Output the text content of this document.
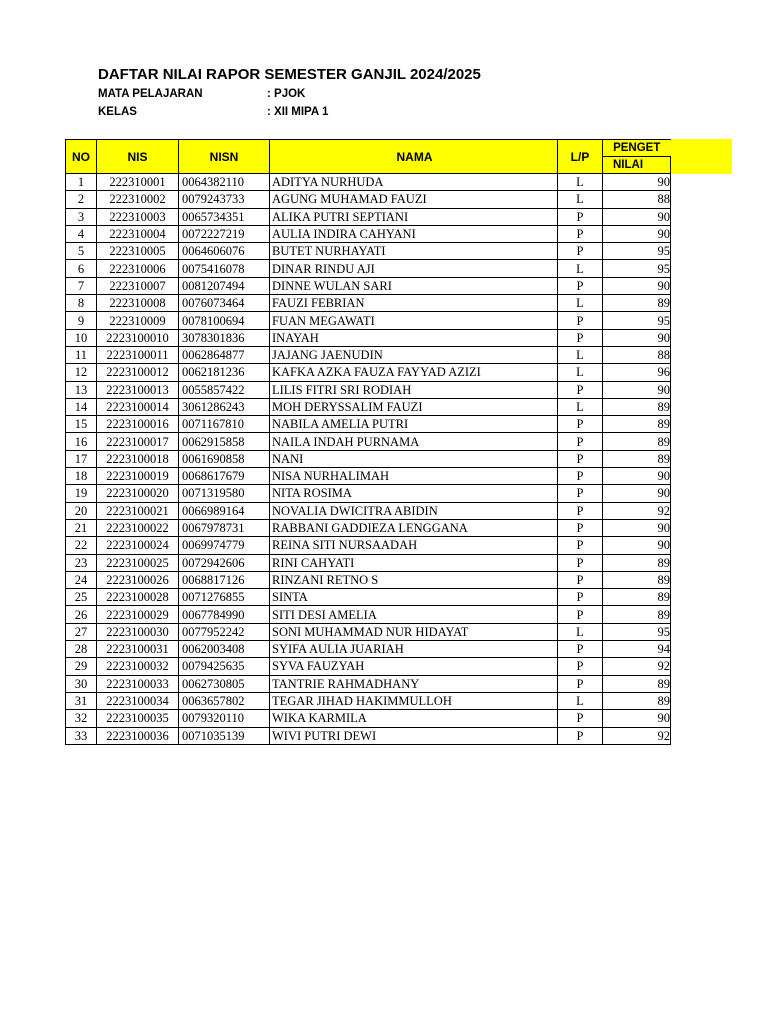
DAFTAR NILAI RAPOR SEMESTER GANJIL 2024/2025
MATA PELAJARAN	: PJOK
KELAS	: XII MIPA 1
NO	NIS	NISN	NAMA	L/P	PENGET
					NILAI
1	222310001	0064382110	ADITYA NURHUDA	L	90
2	222310002	0079243733	AGUNG MUHAMAD FAUZI	L	88
3	222310003	0065734351	ALIKA PUTRI SEPTIANI	P	90
4	222310004	0072227219	AULIA INDIRA CAHYANI	P	90
5	222310005	0064606076	BUTET NURHAYATI	P	95
6	222310006	0075416078	DINAR RINDU AJI	L	95
7	222310007	0081207494	DINNE WULAN SARI	P	90
8	222310008	0076073464	FAUZI FEBRIAN	L	89
9	222310009	0078100694	FUAN MEGAWATI	P	95
10	2223100010	3078301836	INAYAH	P	90
11	2223100011	0062864877	JAJANG JAENUDIN	L	88
12	2223100012	0062181236	KAFKA AZKA FAUZA FAYYAD AZIZI	L	96
13	2223100013	0055857422	LILIS FITRI SRI RODIAH	P	90
14	2223100014	3061286243	MOH DERYSSALIM FAUZI	L	89
15	2223100016	0071167810	NABILA AMELIA PUTRI	P	89
16	2223100017	0062915858	NAILA INDAH PURNAMA	P	89
17	2223100018	0061690858	NANI	P	89
18	2223100019	0068617679	NISA NURHALIMAH	P	90
19	2223100020	0071319580	NITA ROSIMA	P	90
20	2223100021	0066989164	NOVALIA DWICITRA ABIDIN	P	92
21	2223100022	0067978731	RABBANI GADDIEZA LENGGANA	P	90
22	2223100024	0069974779	REINA SITI NURSAADAH	P	90
23	2223100025	0072942606	RINI CAHYATI	P	89
24	2223100026	0068817126	RINZANI RETNO S	P	89
25	2223100028	0071276855	SINTA	P	89
26	2223100029	0067784990	SITI DESI AMELIA	P	89
27	2223100030	0077952242	SONI MUHAMMAD NUR HIDAYAT	L	95
28	2223100031	0062003408	SYIFA AULIA JUARIAH	P	94
29	2223100032	0079425635	SYVA FAUZYAH	P	92
30	2223100033	0062730805	TANTRIE RAHMADHANY	P	89
31	2223100034	0063657802	TEGAR JIHAD HAKIMMULLOH	L	89
32	2223100035	0079320110	WIKA KARMILA	P	90
33	2223100036	0071035139	WIVI PUTRI DEWI	P	92
